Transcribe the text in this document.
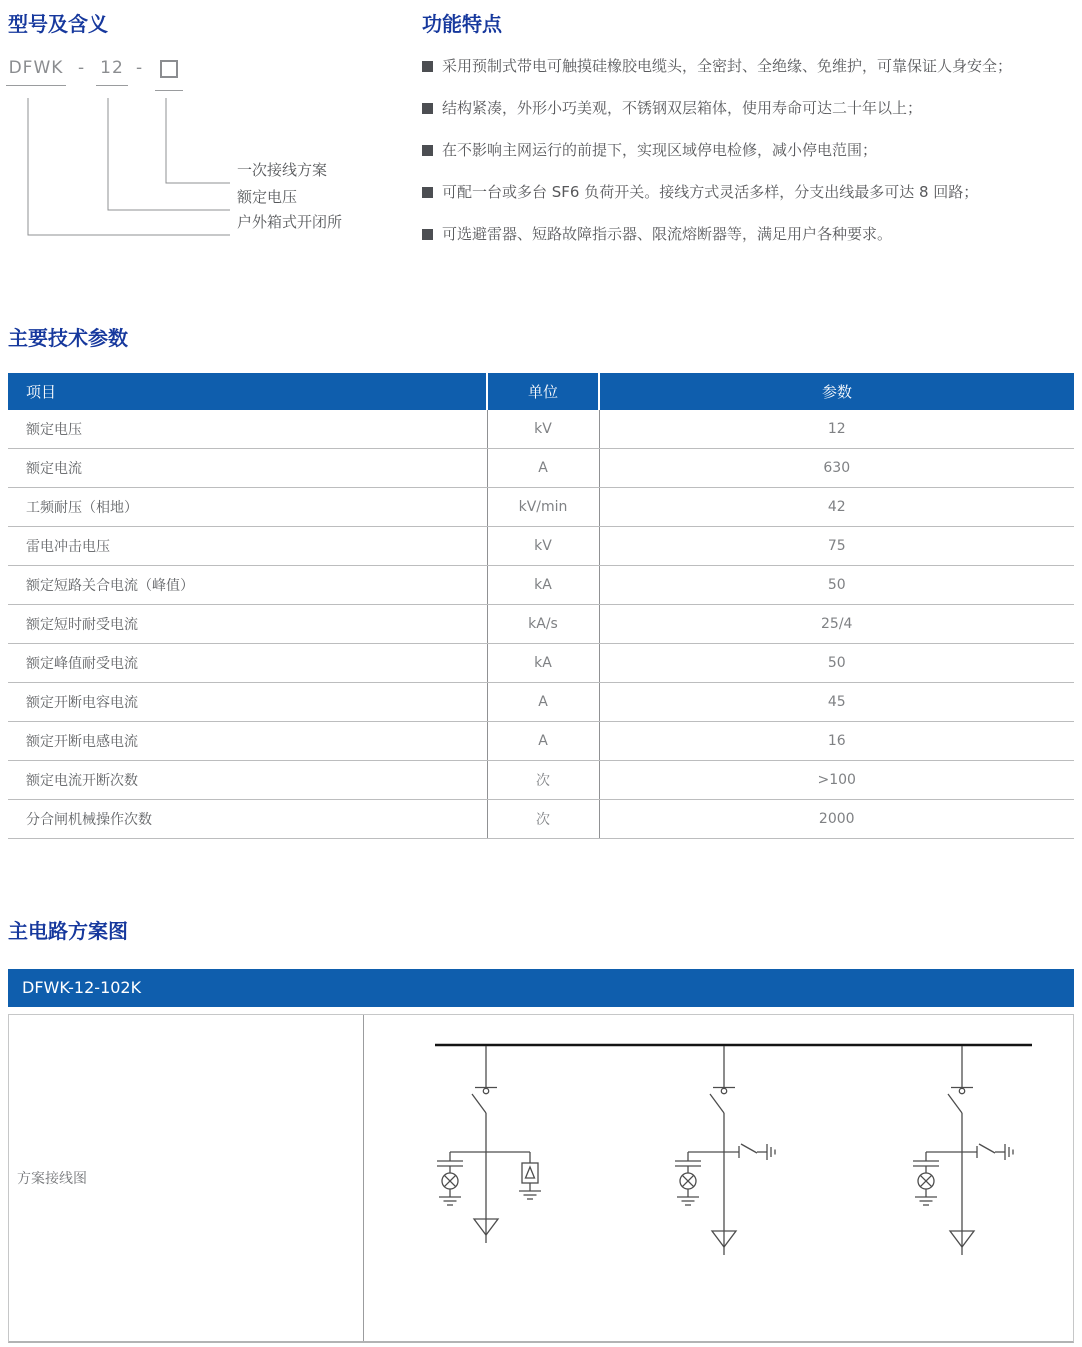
型号及含义
DFWK - 12 -
一次接线方案
额定电压
户外箱式开闭所
功能特点
采用预制式带电可触摸硅橡胶电缆头，全密封、全绝缘、免维护，可靠保证人身安全；
结构紧凑，外形小巧美观，不锈钢双层箱体，使用寿命可达二十年以上；
在不影响主网运行的前提下，实现区域停电检修，减小停电范围；
可配一台或多台 SF6 负荷开关。接线方式灵活多样，分支出线最多可达 8 回路；
可选避雷器、短路故障指示器、限流熔断器等，满足用户各种要求。
主要技术参数
项目	单位	参数
额定电压	kV	12
额定电流	A	630
工频耐压（相地）	kV/min	42
雷电冲击电压	kV	75
额定短路关合电流（峰值）	kA	50
额定短时耐受电流	kA/s	25/4
额定峰值耐受电流	kA	50
额定开断电容电流	A	45
额定开断电感电流	A	16
额定电流开断次数	次	>100
分合闸机械操作次数	次	2000
主电路方案图
DFWK-12-102K
方案接线图
